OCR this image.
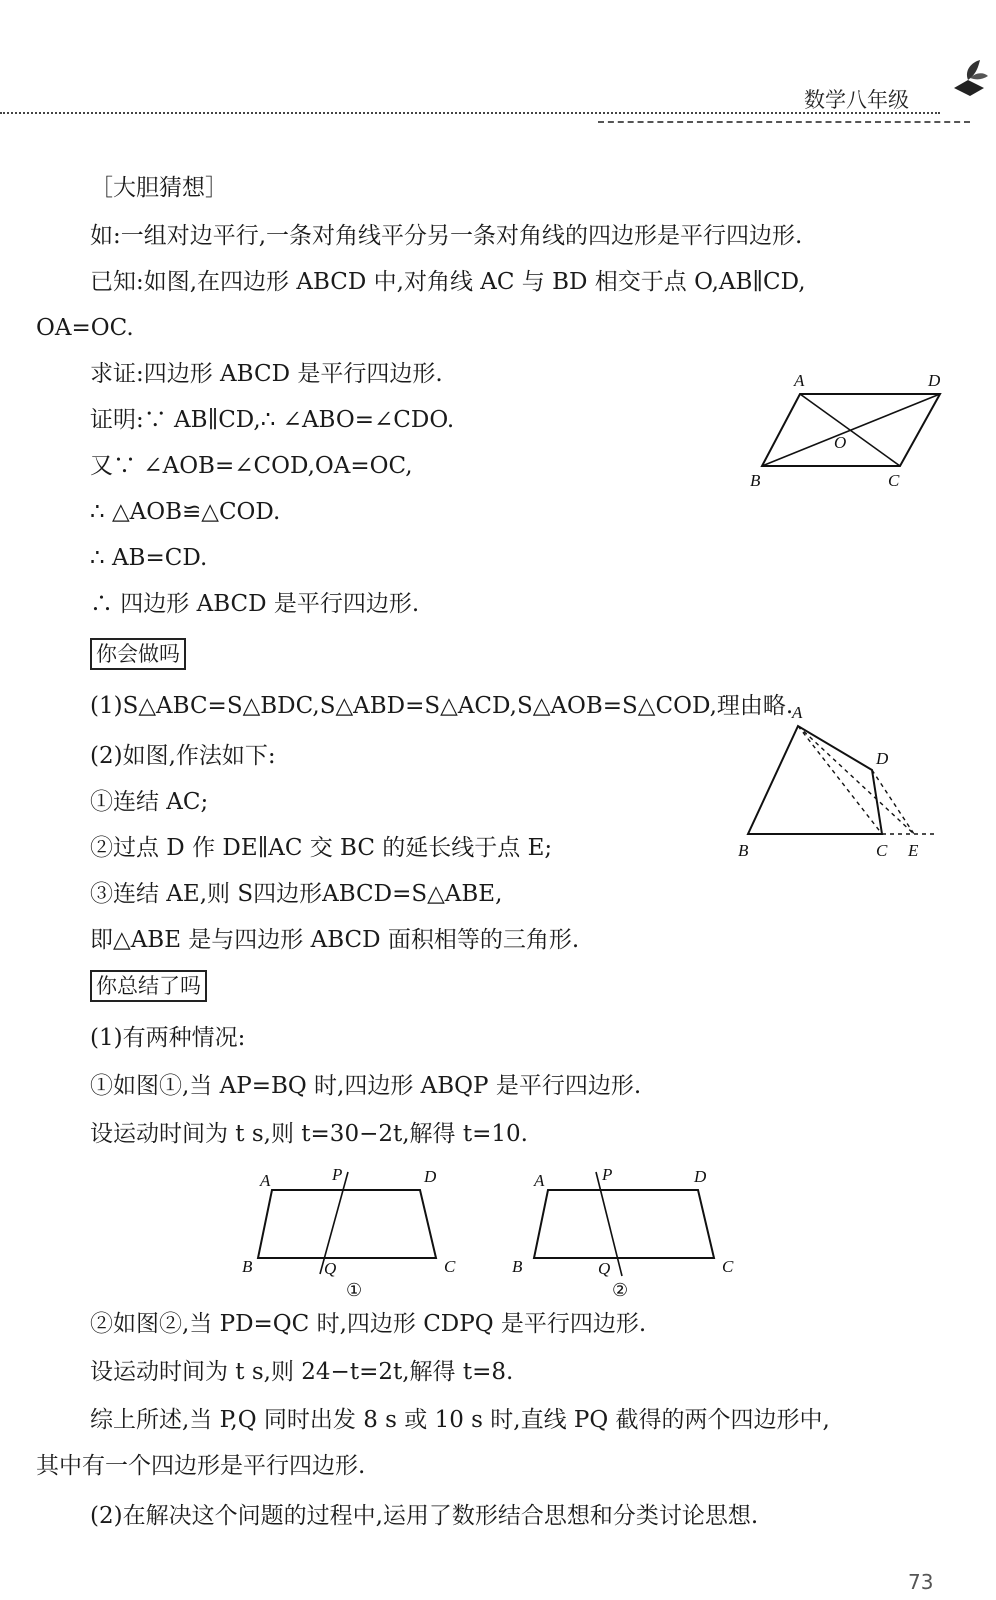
数学八年级
［大胆猜想］
如:一组对边平行,一条对角线平分另一条对角线的四边形是平行四边形.
已知:如图,在四边形 ABCD 中,对角线 AC 与 BD 相交于点 O,AB∥CD,
OA=OC.
求证:四边形 ABCD 是平行四边形.
证明:∵ AB∥CD,∴ ∠ABO=∠CDO.
又∵ ∠AOB=∠COD,OA=OC,
∴ △AOB≌△COD.
∴ AB=CD.
∴ 四边形 ABCD 是平行四边形.
A	D
O
B	C
你会做吗
(1)S△ABC=S△BDC,S△ABD=S△ACD,S△AOB=S△COD,理由略.
(2)如图,作法如下:
①连结 AC;
②过点 D 作 DE∥AC 交 BC 的延长线于点 E;
③连结 AE,则 S四边形ABCD=S△ABE,
即△ABE 是与四边形 ABCD 面积相等的三角形.
A
D
B	C E
你总结了吗
(1)有两种情况:
①如图①,当 AP=BQ 时,四边形 ABQP 是平行四边形.
设运动时间为 t s,则 t=30−2t,解得 t=10.
A	P	D
B	Q	C
①
A	P	D
B	Q	C
②
②如图②,当 PD=QC 时,四边形 CDPQ 是平行四边形.
设运动时间为 t s,则 24−t=2t,解得 t=8.
综上所述,当 P,Q 同时出发 8 s 或 10 s 时,直线 PQ 截得的两个四边形中,
其中有一个四边形是平行四边形.
(2)在解决这个问题的过程中,运用了数形结合思想和分类讨论思想.
73
